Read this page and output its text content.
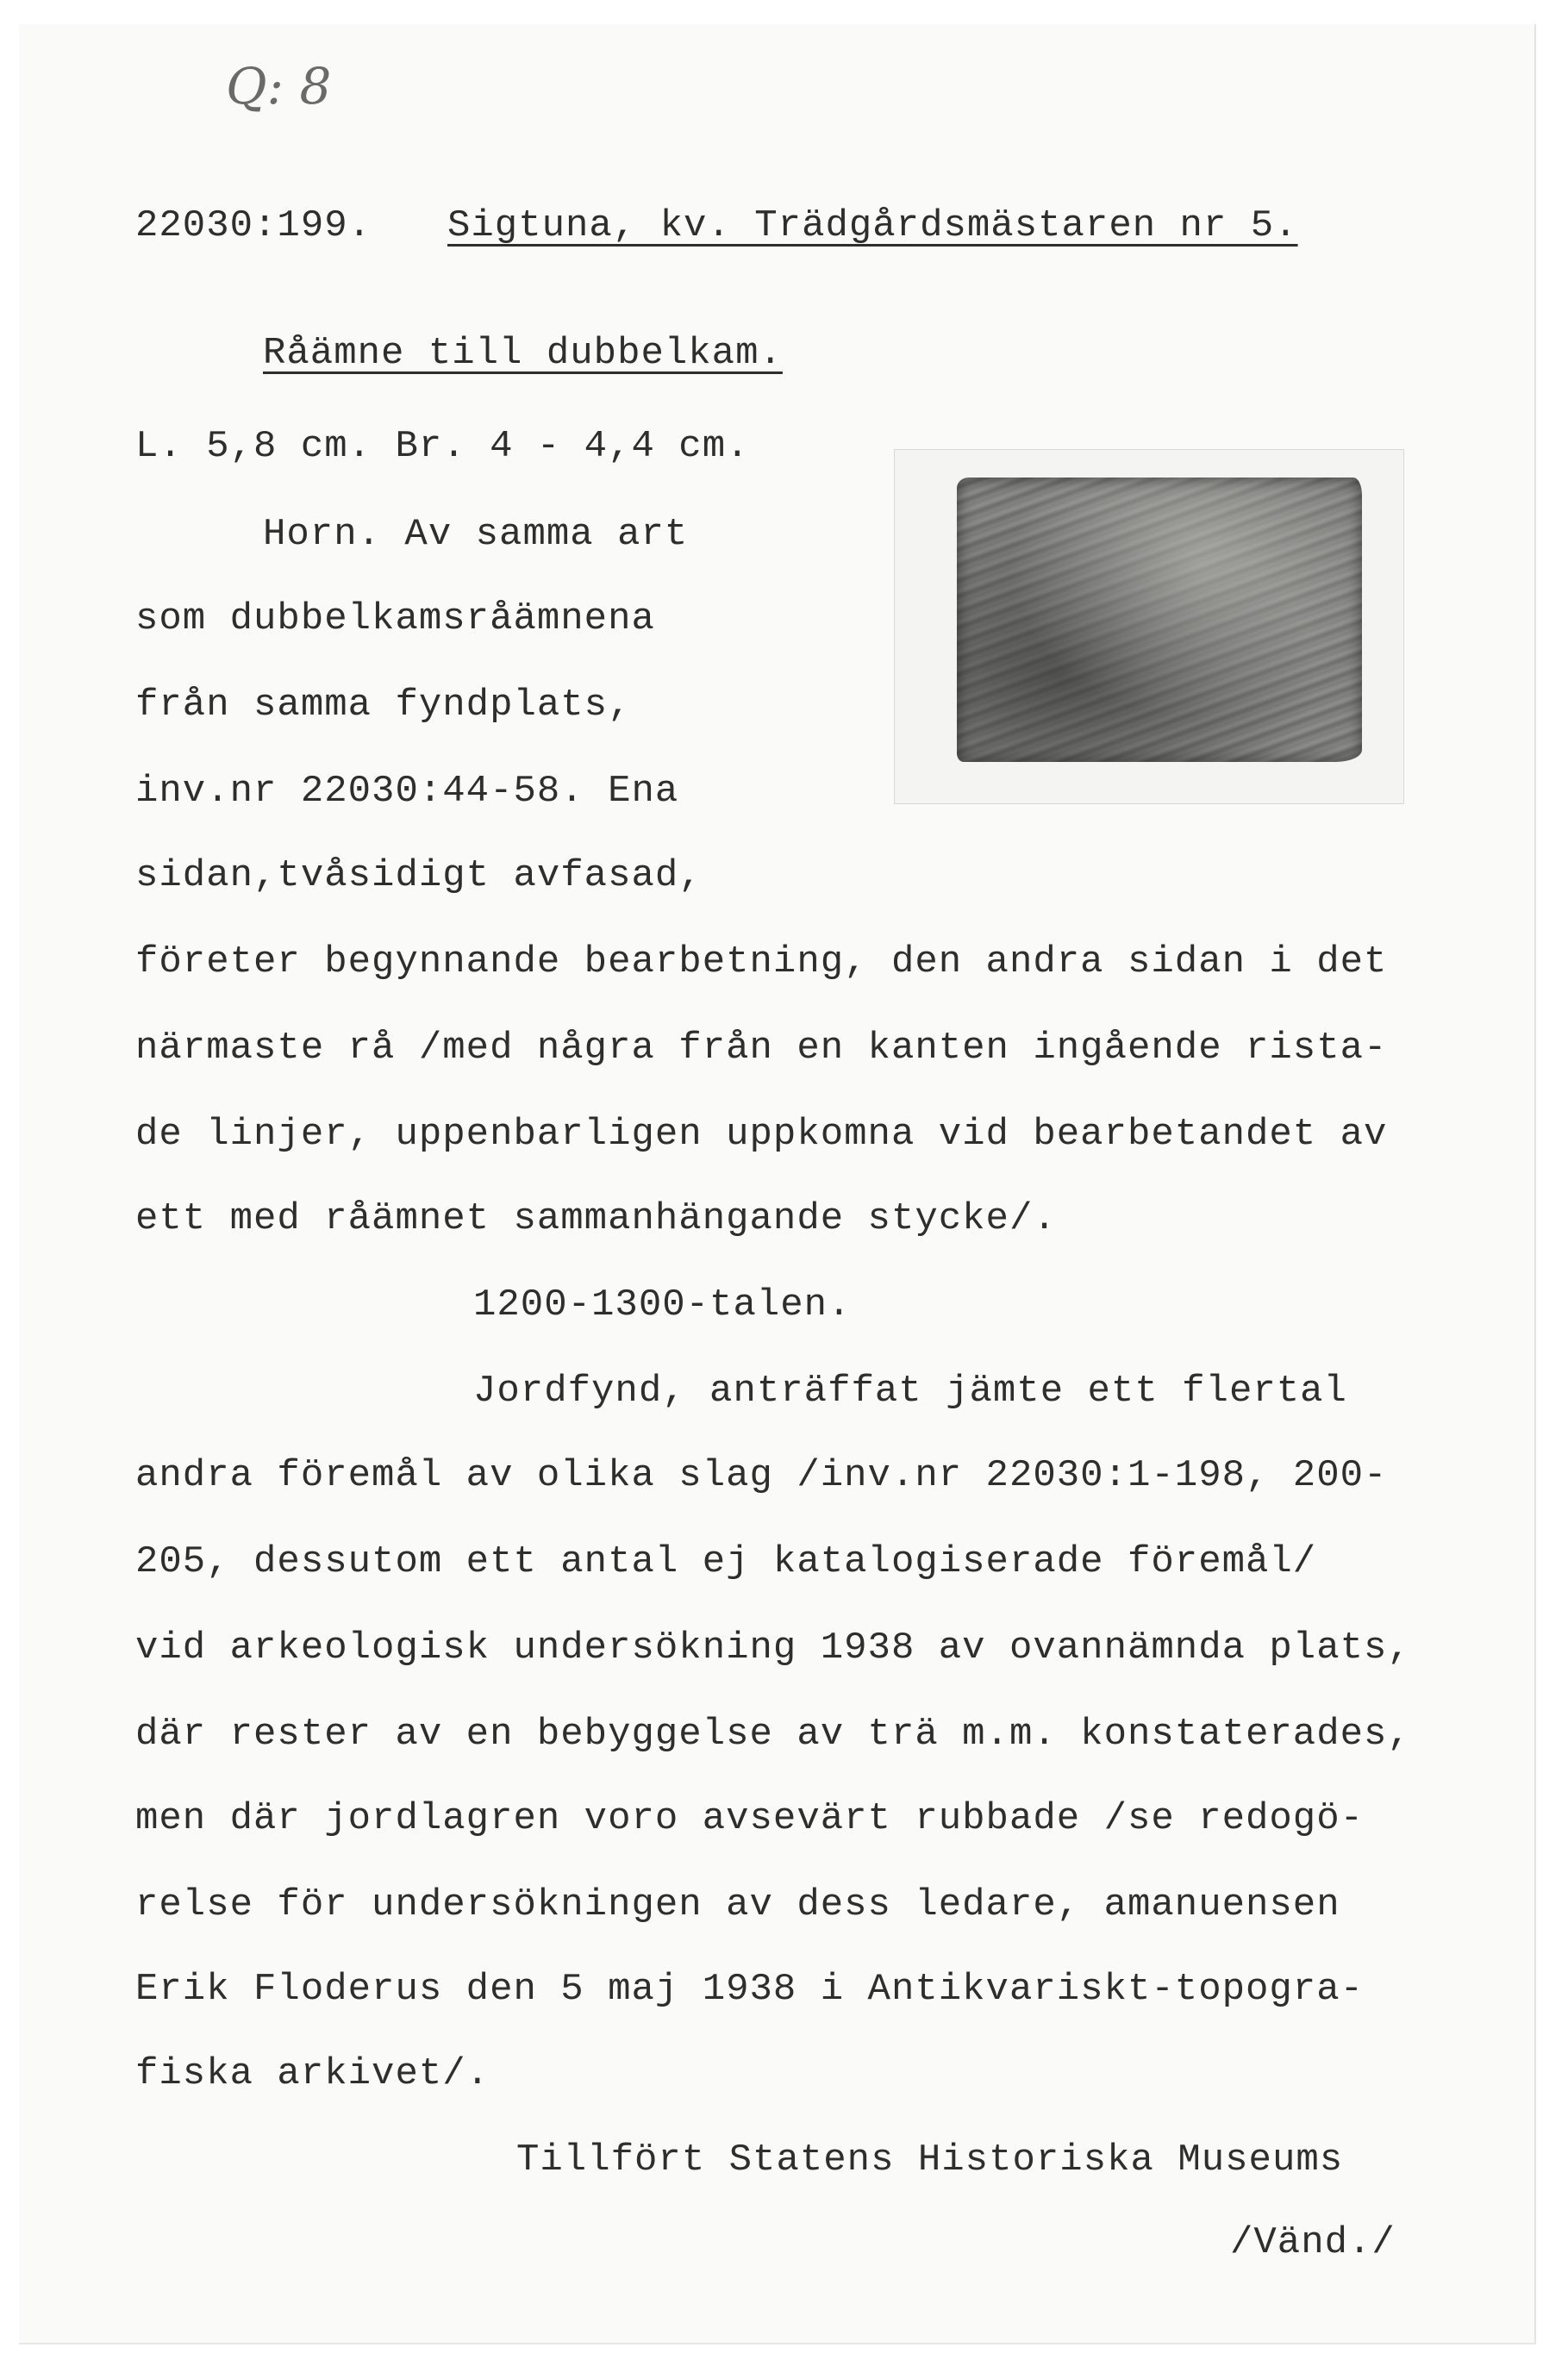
Q: 8
22030:199. Sigtuna, kv. Trädgårdsmästaren nr 5.
Råämne till dubbelkam.
L. 5,8 cm. Br. 4 - 4,4 cm.
Horn. Av samma art
som dubbelkamsråämnena
från samma fyndplats,
inv.nr 22030:44-58. Ena
sidan,tvåsidigt avfasad,
företer begynnande bearbetning, den andra sidan i det
närmaste rå /med några från en kanten ingående rista-
de linjer, uppenbarligen uppkomna vid bearbetandet av
ett med råämnet sammanhängande stycke/.
1200-1300-talen.
Jordfynd, anträffat jämte ett flertal
andra föremål av olika slag /inv.nr 22030:1-198, 200-
205, dessutom ett antal ej katalogiserade föremål/
vid arkeologisk undersökning 1938 av ovannämnda plats,
där rester av en bebyggelse av trä m.m. konstaterades,
men där jordlagren voro avsevärt rubbade /se redogö-
relse för undersökningen av dess ledare, amanuensen
Erik Floderus den 5 maj 1938 i Antikvariskt-topogra-
fiska arkivet/.
Tillfört Statens Historiska Museums
/Vänd./
